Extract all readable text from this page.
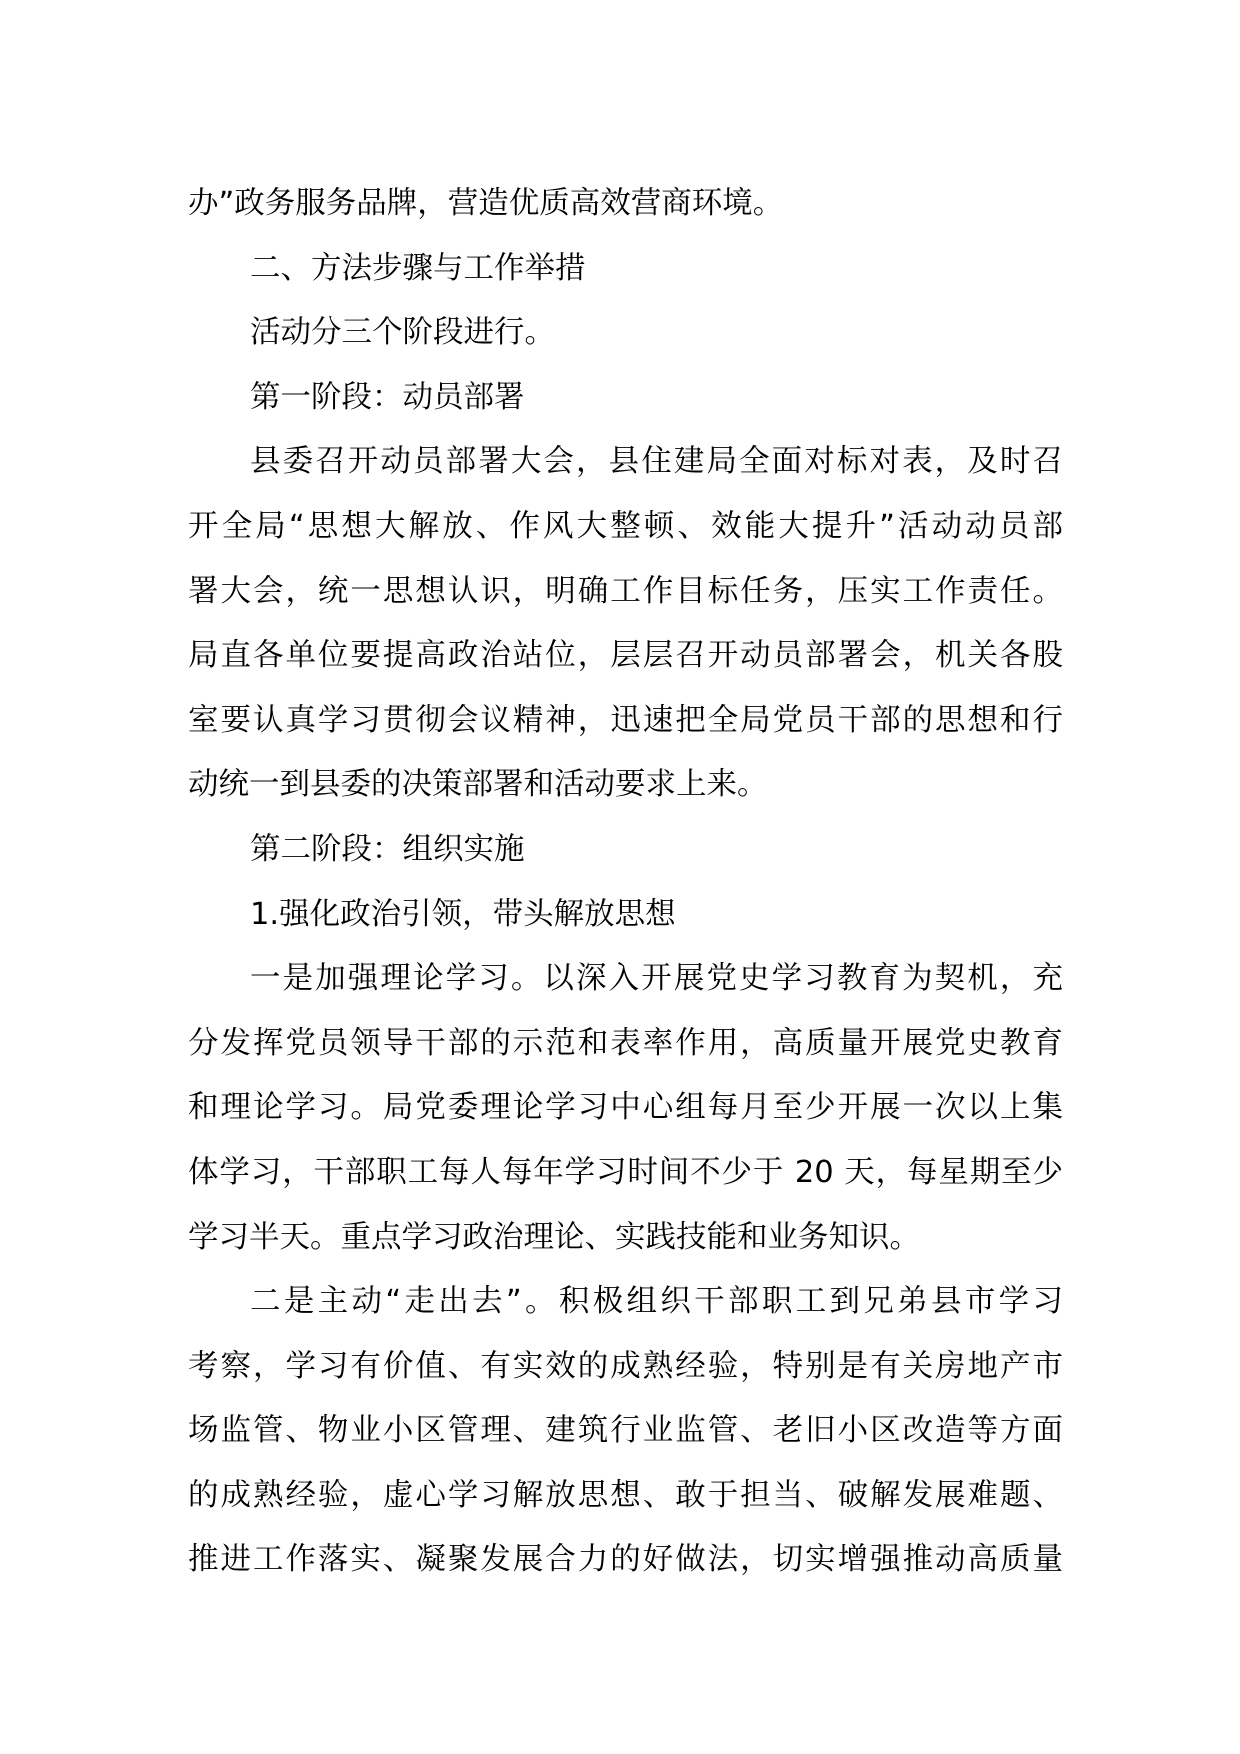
办”政务服务品牌，营造优质高效营商环境。
二、方法步骤与工作举措
活动分三个阶段进行。
第一阶段：动员部署
县委召开动员部署大会，县住建局全面对标对表，及时召
开全局“思想大解放、作风大整顿、效能大提升”活动动员部
署大会，统一思想认识，明确工作目标任务，压实工作责任。
局直各单位要提高政治站位，层层召开动员部署会，机关各股
室要认真学习贯彻会议精神，迅速把全局党员干部的思想和行
动统一到县委的决策部署和活动要求上来。
第二阶段：组织实施
1.强化政治引领，带头解放思想
一是加强理论学习。以深入开展党史学习教育为契机，充
分发挥党员领导干部的示范和表率作用，高质量开展党史教育
和理论学习。局党委理论学习中心组每月至少开展一次以上集
体学习，干部职工每人每年学习时间不少于 20 天，每星期至少
学习半天。重点学习政治理论、实践技能和业务知识。
二是主动“走出去”。积极组织干部职工到兄弟县市学习
考察，学习有价值、有实效的成熟经验，特别是有关房地产市
场监管、物业小区管理、建筑行业监管、老旧小区改造等方面
的成熟经验，虚心学习解放思想、敢于担当、破解发展难题、
推进工作落实、凝聚发展合力的好做法，切实增强推动高质量
